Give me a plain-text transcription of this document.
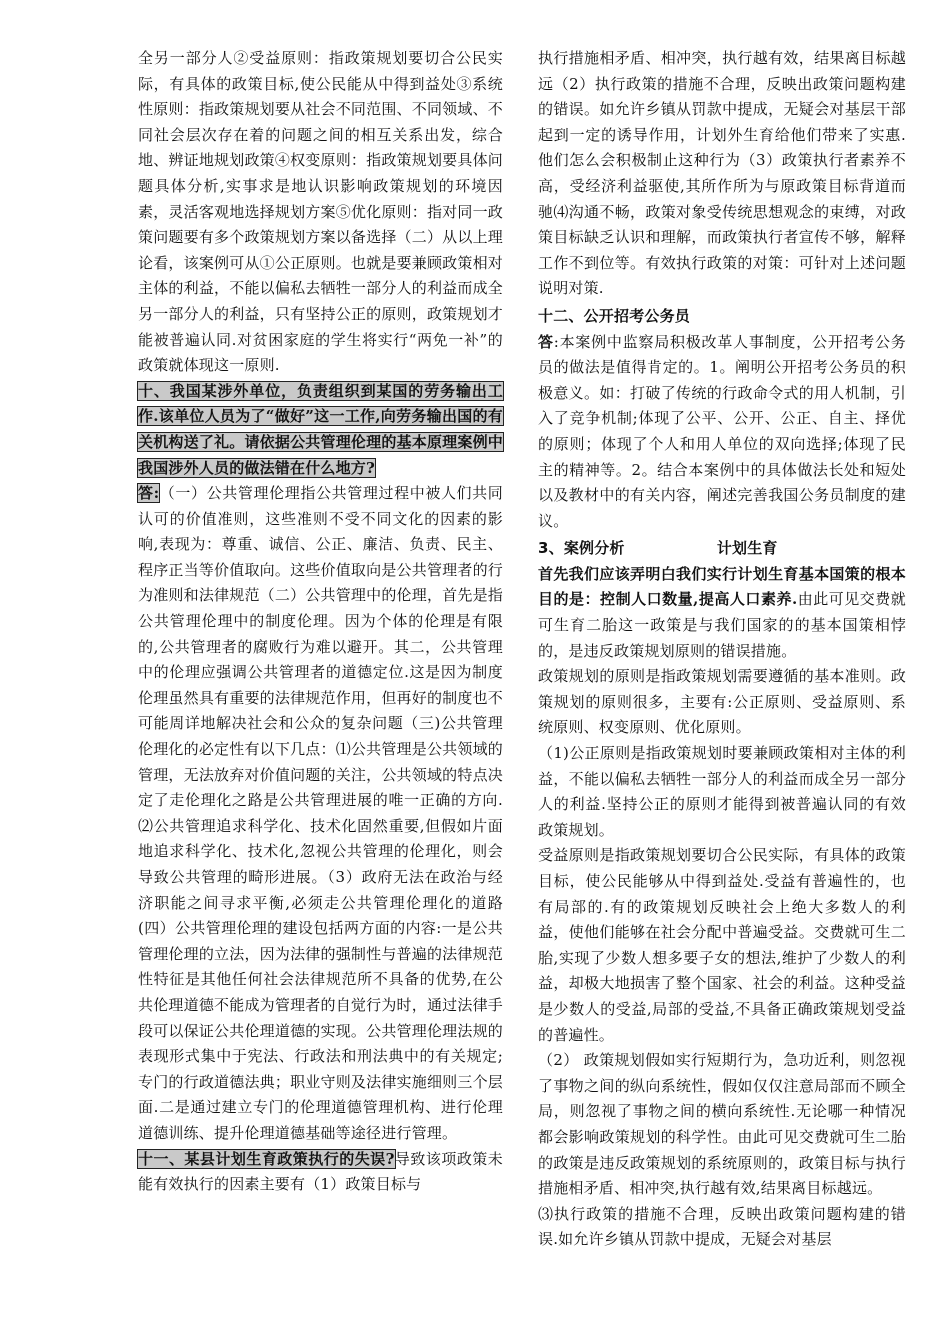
全另一部分人②受益原则：指政策规划要切合公民实际，有具体的政策目标,使公民能从中得到益处③系统性原则：指政策规划要从社会不同范围、不同领域、不同社会层次存在着的问题之间的相互关系出发，综合地、辨证地规划政策④权变原则：指政策规划要具体问题具体分析,实事求是地认识影响政策规划的环境因素，灵活客观地选择规划方案⑤优化原则：指对同一政策问题要有多个政策规划方案以备选择（二）从以上理论看，该案例可从①公正原则。也就是要兼顾政策相对主体的利益，不能以偏私去牺牲一部分人的利益而成全另一部分人的利益，只有坚持公正的原则，政策规划才能被普遍认同.对贫困家庭的学生将实行“两免一补”的政策就体现这一原则.

十、我国某涉外单位，负责组织到某国的劳务输出工作.该单位人员为了“做好”这一工作,向劳务输出国的有关机构送了礼。请依据公共管理伦理的基本原理案例中我国涉外人员的做法错在什么地方?

答:（一）公共管理伦理指公共管理过程中被人们共同认可的价值准则，这些准则不受不同文化的因素的影响,表现为：尊重、诚信、公正、廉洁、负责、民主、程序正当等价值取向。这些价值取向是公共管理者的行为准则和法律规范（二）公共管理中的伦理，首先是指公共管理伦理中的制度伦理。因为个体的伦理是有限的,公共管理者的腐败行为难以避开。其二，公共管理中的伦理应强调公共管理者的道德定位.这是因为制度伦理虽然具有重要的法律规范作用，但再好的制度也不可能周详地解决社会和公众的复杂问题（三)公共管理伦理化的必定性有以下几点：⑴公共管理是公共领域的管理，无法放弃对价值问题的关注，公共领域的特点决定了走伦理化之路是公共管理进展的唯一正确的方向.⑵公共管理追求科学化、技术化固然重要,但假如片面地追求科学化、技术化,忽视公共管理的伦理化，则会导致公共管理的畸形进展。（3）政府无法在政治与经济职能之间寻求平衡,必须走公共管理伦理化的道路(四）公共管理伦理的建设包括两方面的内容:一是公共管理伦理的立法，因为法律的强制性与普遍的法律规范性特征是其他任何社会法律规范所不具备的优势,在公共伦理道德不能成为管理者的自觉行为时，通过法律手段可以保证公共伦理道德的实现。公共管理伦理法规的表现形式集中于宪法、行政法和刑法典中的有关规定;专门的行政道德法典；职业守则及法律实施细则三个层面.二是通过建立专门的伦理道德管理机构、进行伦理道德训练、提升伦理道德基础等途径进行管理。

十一、某县计划生育政策执行的失误?导致该项政策未能有效执行的因素主要有（1）政策目标与

执行措施相矛盾、相冲突，执行越有效，结果离目标越远（2）执行政策的措施不合理，反映出政策问题构建的错误。如允许乡镇从罚款中提成，无疑会对基层干部起到一定的诱导作用，计划外生育给他们带来了实惠.他们怎么会积极制止这种行为（3）政策执行者素养不高，受经济利益驱使,其所作所为与原政策目标背道而驰⑷沟通不畅，政策对象受传统思想观念的束缚，对政策目标缺乏认识和理解，而政策执行者宣传不够，解释工作不到位等。有效执行政策的对策：可针对上述问题说明对策.

十二、公开招考公务员

答:本案例中监察局积极改革人事制度，公开招考公务员的做法是值得肯定的。1。阐明公开招考公务员的积极意义。如：打破了传统的行政命令式的用人机制，引入了竞争机制;体现了公平、公开、公正、自主、择优的原则；体现了个人和用人单位的双向选择;体现了民主的精神等。2。结合本案例中的具体做法长处和短处以及教材中的有关内容，阐述完善我国公务员制度的建议。

3、案例分析                 计划生育

首先我们应该弄明白我们实行计划生育基本国策的根本目的是：控制人口数量,提高人口素养.由此可见交费就可生育二胎这一政策是与我们国家的的基本国策相悖的，是违反政策规划原则的错误措施。

政策规划的原则是指政策规划需要遵循的基本准则。政策规划的原则很多，主要有:公正原则、受益原则、系统原则、权变原则、优化原则。

（1)公正原则是指政策规划时要兼顾政策相对主体的利益，不能以偏私去牺牲一部分人的利益而成全另一部分人的利益.坚持公正的原则才能得到被普遍认同的有效政策规划。

受益原则是指政策规划要切合公民实际，有具体的政策目标，使公民能够从中得到益处.受益有普遍性的，也有局部的.有的政策规划反映社会上绝大多数人的利益，使他们能够在社会分配中普遍受益。交费就可生二胎,实现了少数人想多要子女的想法,维护了少数人的利益，却极大地损害了整个国家、社会的利益。这种受益是少数人的受益,局部的受益,不具备正确政策规划受益的普遍性。

（2） 政策规划假如实行短期行为，急功近利，则忽视了事物之间的纵向系统性，假如仅仅注意局部而不顾全局，则忽视了事物之间的横向系统性.无论哪一种情况都会影响政策规划的科学性。由此可见交费就可生二胎的政策是违反政策规划的系统原则的，政策目标与执行措施相矛盾、相冲突,执行越有效,结果离目标越远。

⑶执行政策的措施不合理，反映出政策问题构建的错误.如允许乡镇从罚款中提成，无疑会对基层
